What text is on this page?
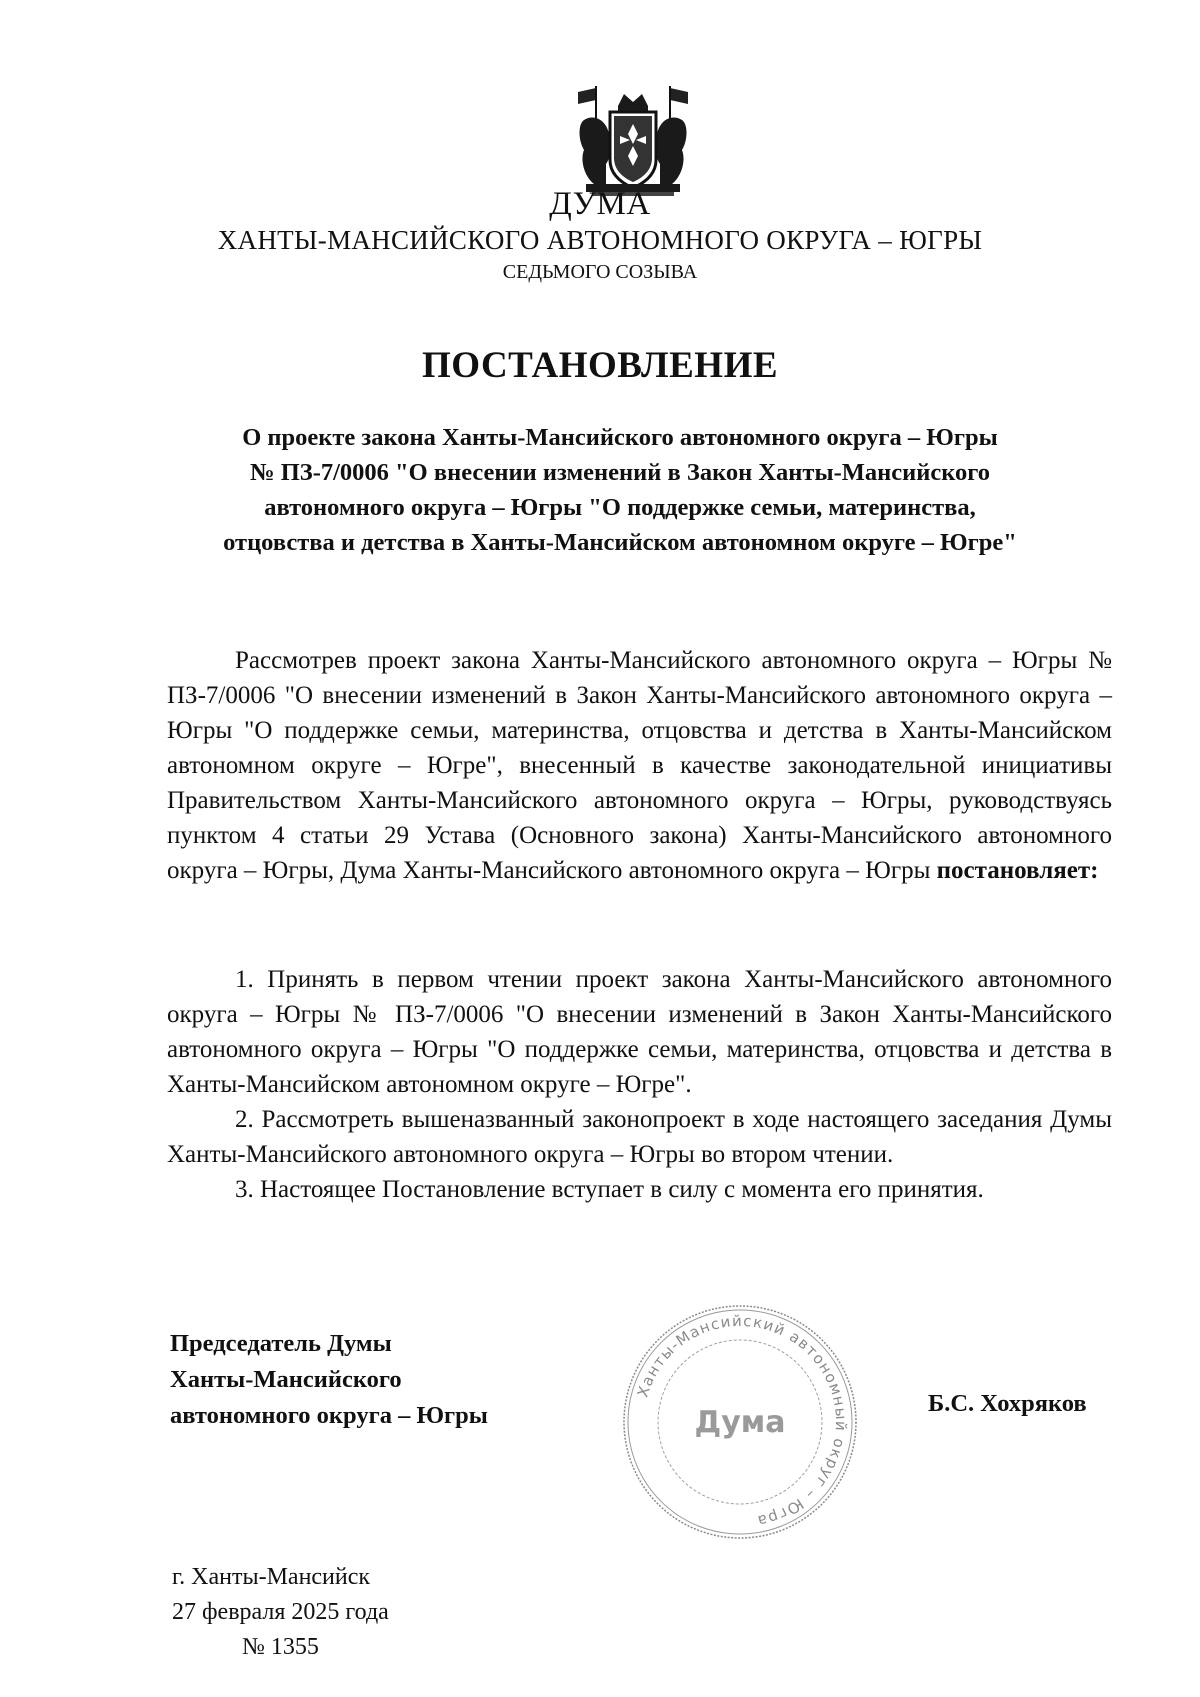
ДУМА
ХАНТЫ-МАНСИЙСКОГО АВТОНОМНОГО ОКРУГА – ЮГРЫ
СЕДЬМОГО СОЗЫВА
ПОСТАНОВЛЕНИЕ
О проекте закона Ханты-Мансийского автономного округа – Югры
№ ПЗ-7/0006 "О внесении изменений в Закон Ханты-Мансийского
автономного округа – Югры "О поддержке семьи, материнства,
отцовства и детства в Ханты-Мансийском автономном округе – Югре"
Рассмотрев проект закона Ханты-Мансийского автономного округа – Югры № ПЗ-7/0006 "О внесении изменений в Закон Ханты-Мансийского автономного округа – Югры "О поддержке семьи, материнства, отцовства и детства в Ханты-Мансийском автономном округе – Югре", внесенный в качестве законодательной инициативы Правительством Ханты-Мансийского автономного округа – Югры, руководствуясь пунктом 4 статьи 29 Устава (Основного закона) Ханты-Мансийского автономного округа – Югры, Дума Ханты-Мансийского автономного округа – Югры постановляет:

1. Принять в первом чтении проект закона Ханты-Мансийского автономного округа – Югры № ПЗ-7/0006 "О внесении изменений в Закон Ханты-Мансийского автономного округа – Югры "О поддержке семьи, материнства, отцовства и детства в Ханты-Мансийском автономном округе – Югре".

2. Рассмотреть вышеназванный законопроект в ходе настоящего заседания Думы Ханты-Мансийского автономного округа – Югры во втором чтении.

3. Настоящее Постановление вступает в силу с момента его принятия.

Председатель Думы
Ханты-Мансийского
автономного округа – Югры
Ханты-Мансийский автономный округ – Югра
Дума
Б.С. Хохряков
г. Ханты-Мансийск
27 февраля 2025 года
№ 1355
